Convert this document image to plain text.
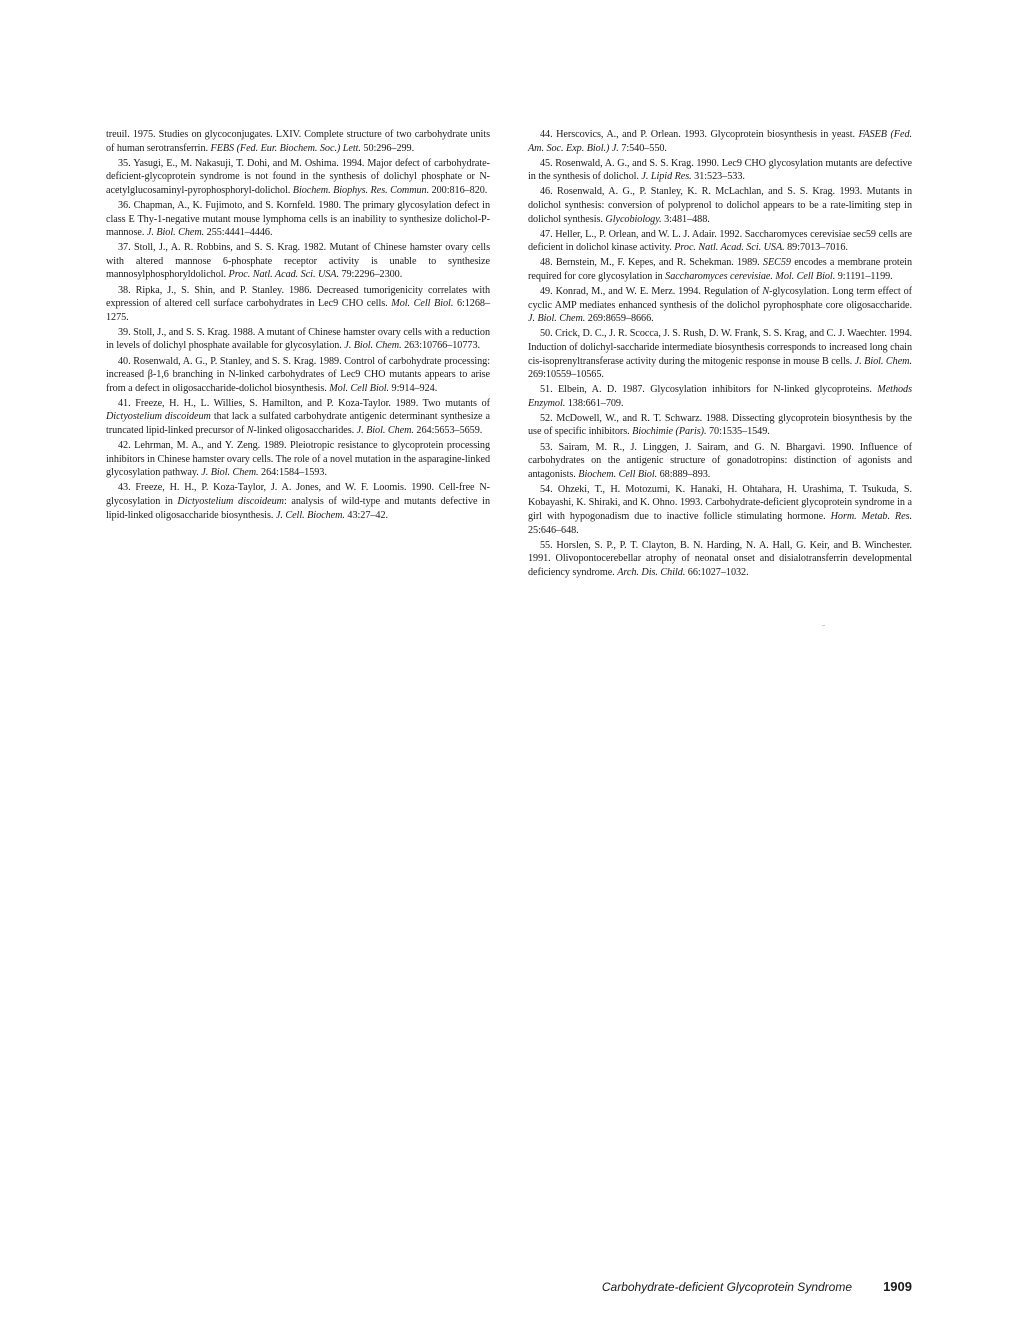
treuil. 1975. Studies on glycoconjugates. LXIV. Complete structure of two carbohydrate units of human serotransferrin. FEBS (Fed. Eur. Biochem. Soc.) Lett. 50:296–299.

35. Yasugi, E., M. Nakasuji, T. Dohi, and M. Oshima. 1994. Major defect of carbohydrate-deficient-glycoprotein syndrome is not found in the synthesis of dolichyl phosphate or N-acetylglucosaminyl-pyrophosphoryl-dolichol. Biochem. Biophys. Res. Commun. 200:816–820.

36. Chapman, A., K. Fujimoto, and S. Kornfeld. 1980. The primary glycosylation defect in class E Thy-1-negative mutant mouse lymphoma cells is an inability to synthesize dolichol-P-mannose. J. Biol. Chem. 255:4441–4446.

37. Stoll, J., A. R. Robbins, and S. S. Krag. 1982. Mutant of Chinese hamster ovary cells with altered mannose 6-phosphate receptor activity is unable to synthesize mannosylphosphoryldolichol. Proc. Natl. Acad. Sci. USA. 79:2296–2300.

38. Ripka, J., S. Shin, and P. Stanley. 1986. Decreased tumorigenicity correlates with expression of altered cell surface carbohydrates in Lec9 CHO cells. Mol. Cell Biol. 6:1268–1275.

39. Stoll, J., and S. S. Krag. 1988. A mutant of Chinese hamster ovary cells with a reduction in levels of dolichyl phosphate available for glycosylation. J. Biol. Chem. 263:10766–10773.

40. Rosenwald, A. G., P. Stanley, and S. S. Krag. 1989. Control of carbohydrate processing: increased β-1,6 branching in N-linked carbohydrates of Lec9 CHO mutants appears to arise from a defect in oligosaccharide-dolichol biosynthesis. Mol. Cell Biol. 9:914–924.

41. Freeze, H. H., L. Willies, S. Hamilton, and P. Koza-Taylor. 1989. Two mutants of Dictyostelium discoideum that lack a sulfated carbohydrate antigenic determinant synthesize a truncated lipid-linked precursor of N-linked oligosaccharides. J. Biol. Chem. 264:5653–5659.

42. Lehrman, M. A., and Y. Zeng. 1989. Pleiotropic resistance to glycoprotein processing inhibitors in Chinese hamster ovary cells. The role of a novel mutation in the asparagine-linked glycosylation pathway. J. Biol. Chem. 264:1584–1593.

43. Freeze, H. H., P. Koza-Taylor, J. A. Jones, and W. F. Loomis. 1990. Cell-free N-glycosylation in Dictyostelium discoideum: analysis of wild-type and mutants defective in lipid-linked oligosaccharide biosynthesis. J. Cell. Biochem. 43:27–42.

44. Herscovics, A., and P. Orlean. 1993. Glycoprotein biosynthesis in yeast. FASEB (Fed. Am. Soc. Exp. Biol.) J. 7:540–550.

45. Rosenwald, A. G., and S. S. Krag. 1990. Lec9 CHO glycosylation mutants are defective in the synthesis of dolichol. J. Lipid Res. 31:523–533.

46. Rosenwald, A. G., P. Stanley, K. R. McLachlan, and S. S. Krag. 1993. Mutants in dolichol synthesis: conversion of polyprenol to dolichol appears to be a rate-limiting step in dolichol synthesis. Glycobiology. 3:481–488.

47. Heller, L., P. Orlean, and W. L. J. Adair. 1992. Saccharomyces cerevisiae sec59 cells are deficient in dolichol kinase activity. Proc. Natl. Acad. Sci. USA. 89:7013–7016.

48. Bernstein, M., F. Kepes, and R. Schekman. 1989. SEC59 encodes a membrane protein required for core glycosylation in Saccharomyces cerevisiae. Mol. Cell Biol. 9:1191–1199.

49. Konrad, M., and W. E. Merz. 1994. Regulation of N-glycosylation. Long term effect of cyclic AMP mediates enhanced synthesis of the dolichol pyrophosphate core oligosaccharide. J. Biol. Chem. 269:8659–8666.

50. Crick, D. C., J. R. Scocca, J. S. Rush, D. W. Frank, S. S. Krag, and C. J. Waechter. 1994. Induction of dolichyl-saccharide intermediate biosynthesis corresponds to increased long chain cis-isoprenyltransferase activity during the mitogenic response in mouse B cells. J. Biol. Chem. 269:10559–10565.

51. Elbein, A. D. 1987. Glycosylation inhibitors for N-linked glycoproteins. Methods Enzymol. 138:661–709.

52. McDowell, W., and R. T. Schwarz. 1988. Dissecting glycoprotein biosynthesis by the use of specific inhibitors. Biochimie (Paris). 70:1535–1549.

53. Sairam, M. R., J. Linggen, J. Sairam, and G. N. Bhargavi. 1990. Influence of carbohydrates on the antigenic structure of gonadotropins: distinction of agonists and antagonists. Biochem. Cell Biol. 68:889–893.

54. Ohzeki, T., H. Motozumi, K. Hanaki, H. Ohtahara, H. Urashima, T. Tsukuda, S. Kobayashi, K. Shiraki, and K. Ohno. 1993. Carbohydrate-deficient glycoprotein syndrome in a girl with hypogonadism due to inactive follicle stimulating hormone. Horm. Metab. Res. 25:646–648.

55. Horslen, S. P., P. T. Clayton, B. N. Harding, N. A. Hall, G. Keir, and B. Winchester. 1991. Olivopontocerebellar atrophy of neonatal onset and disialotransferrin developmental deficiency syndrome. Arch. Dis. Child. 66:1027–1032.

Carbohydrate-deficient Glycoprotein Syndrome 1909
